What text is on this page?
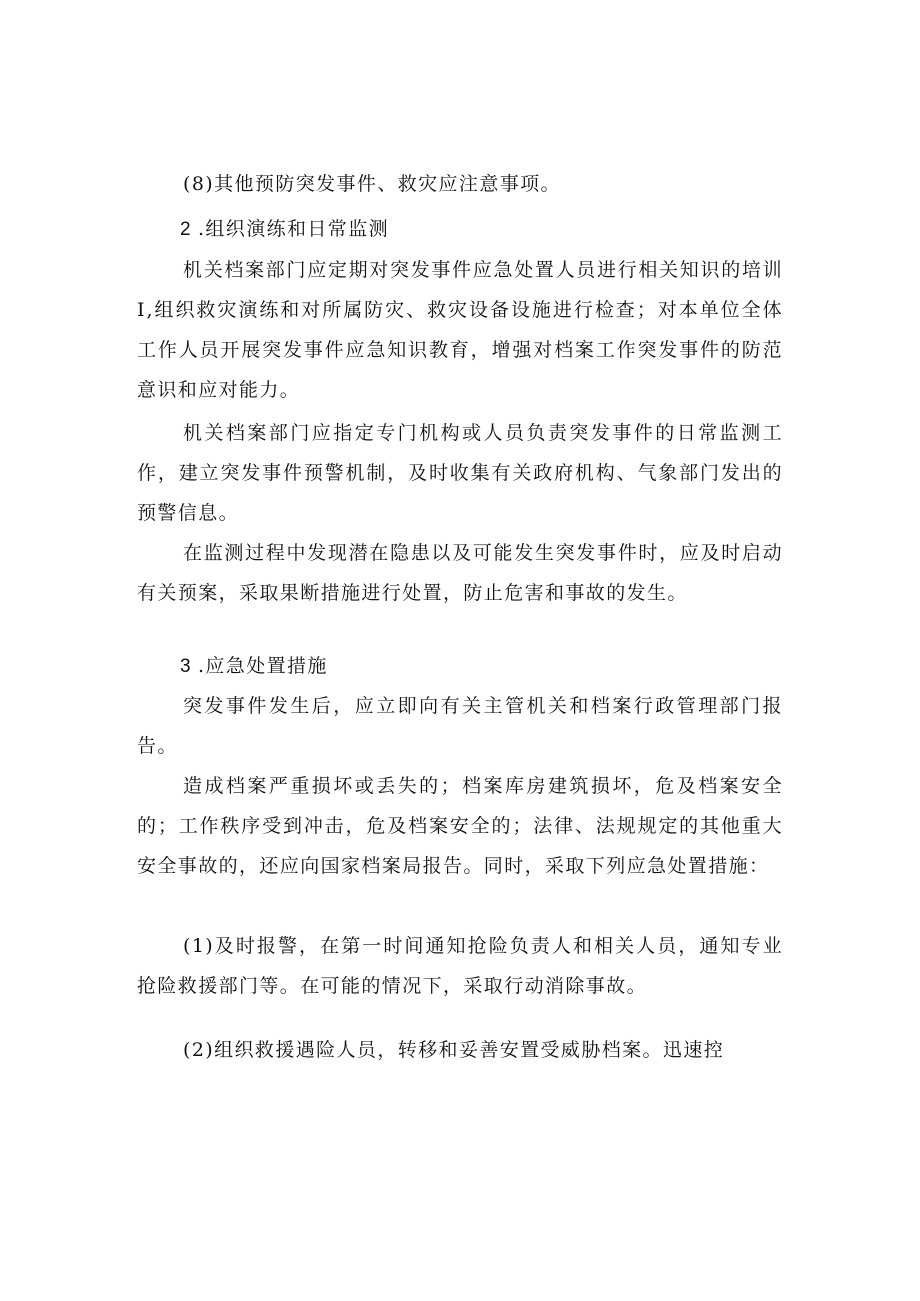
(8)其他预防突发事件、救灾应注意事项。
2 .组织演练和日常监测
机关档案部门应定期对突发事件应急处置人员进行相关知识的培训Ⅰ,组织救灾演练和对所属防灾、救灾设备设施进行检查；对本单位全体工作人员开展突发事件应急知识教育，增强对档案工作突发事件的防范意识和应对能力。
机关档案部门应指定专门机构或人员负责突发事件的日常监测工作，建立突发事件预警机制，及时收集有关政府机构、气象部门发出的预警信息。
在监测过程中发现潜在隐患以及可能发生突发事件时，应及时启动有关预案，采取果断措施进行处置，防止危害和事故的发生。
3 .应急处置措施
突发事件发生后，应立即向有关主管机关和档案行政管理部门报告。
造成档案严重损坏或丢失的；档案库房建筑损坏，危及档案安全的；工作秩序受到冲击，危及档案安全的；法律、法规规定的其他重大安全事故的，还应向国家档案局报告。同时，采取下列应急处置措施：
(1)及时报警，在第一时间通知抢险负责人和相关人员，通知专业抢险救援部门等。在可能的情况下，采取行动消除事故。
(2)组织救援遇险人员，转移和妥善安置受威胁档案。迅速控
